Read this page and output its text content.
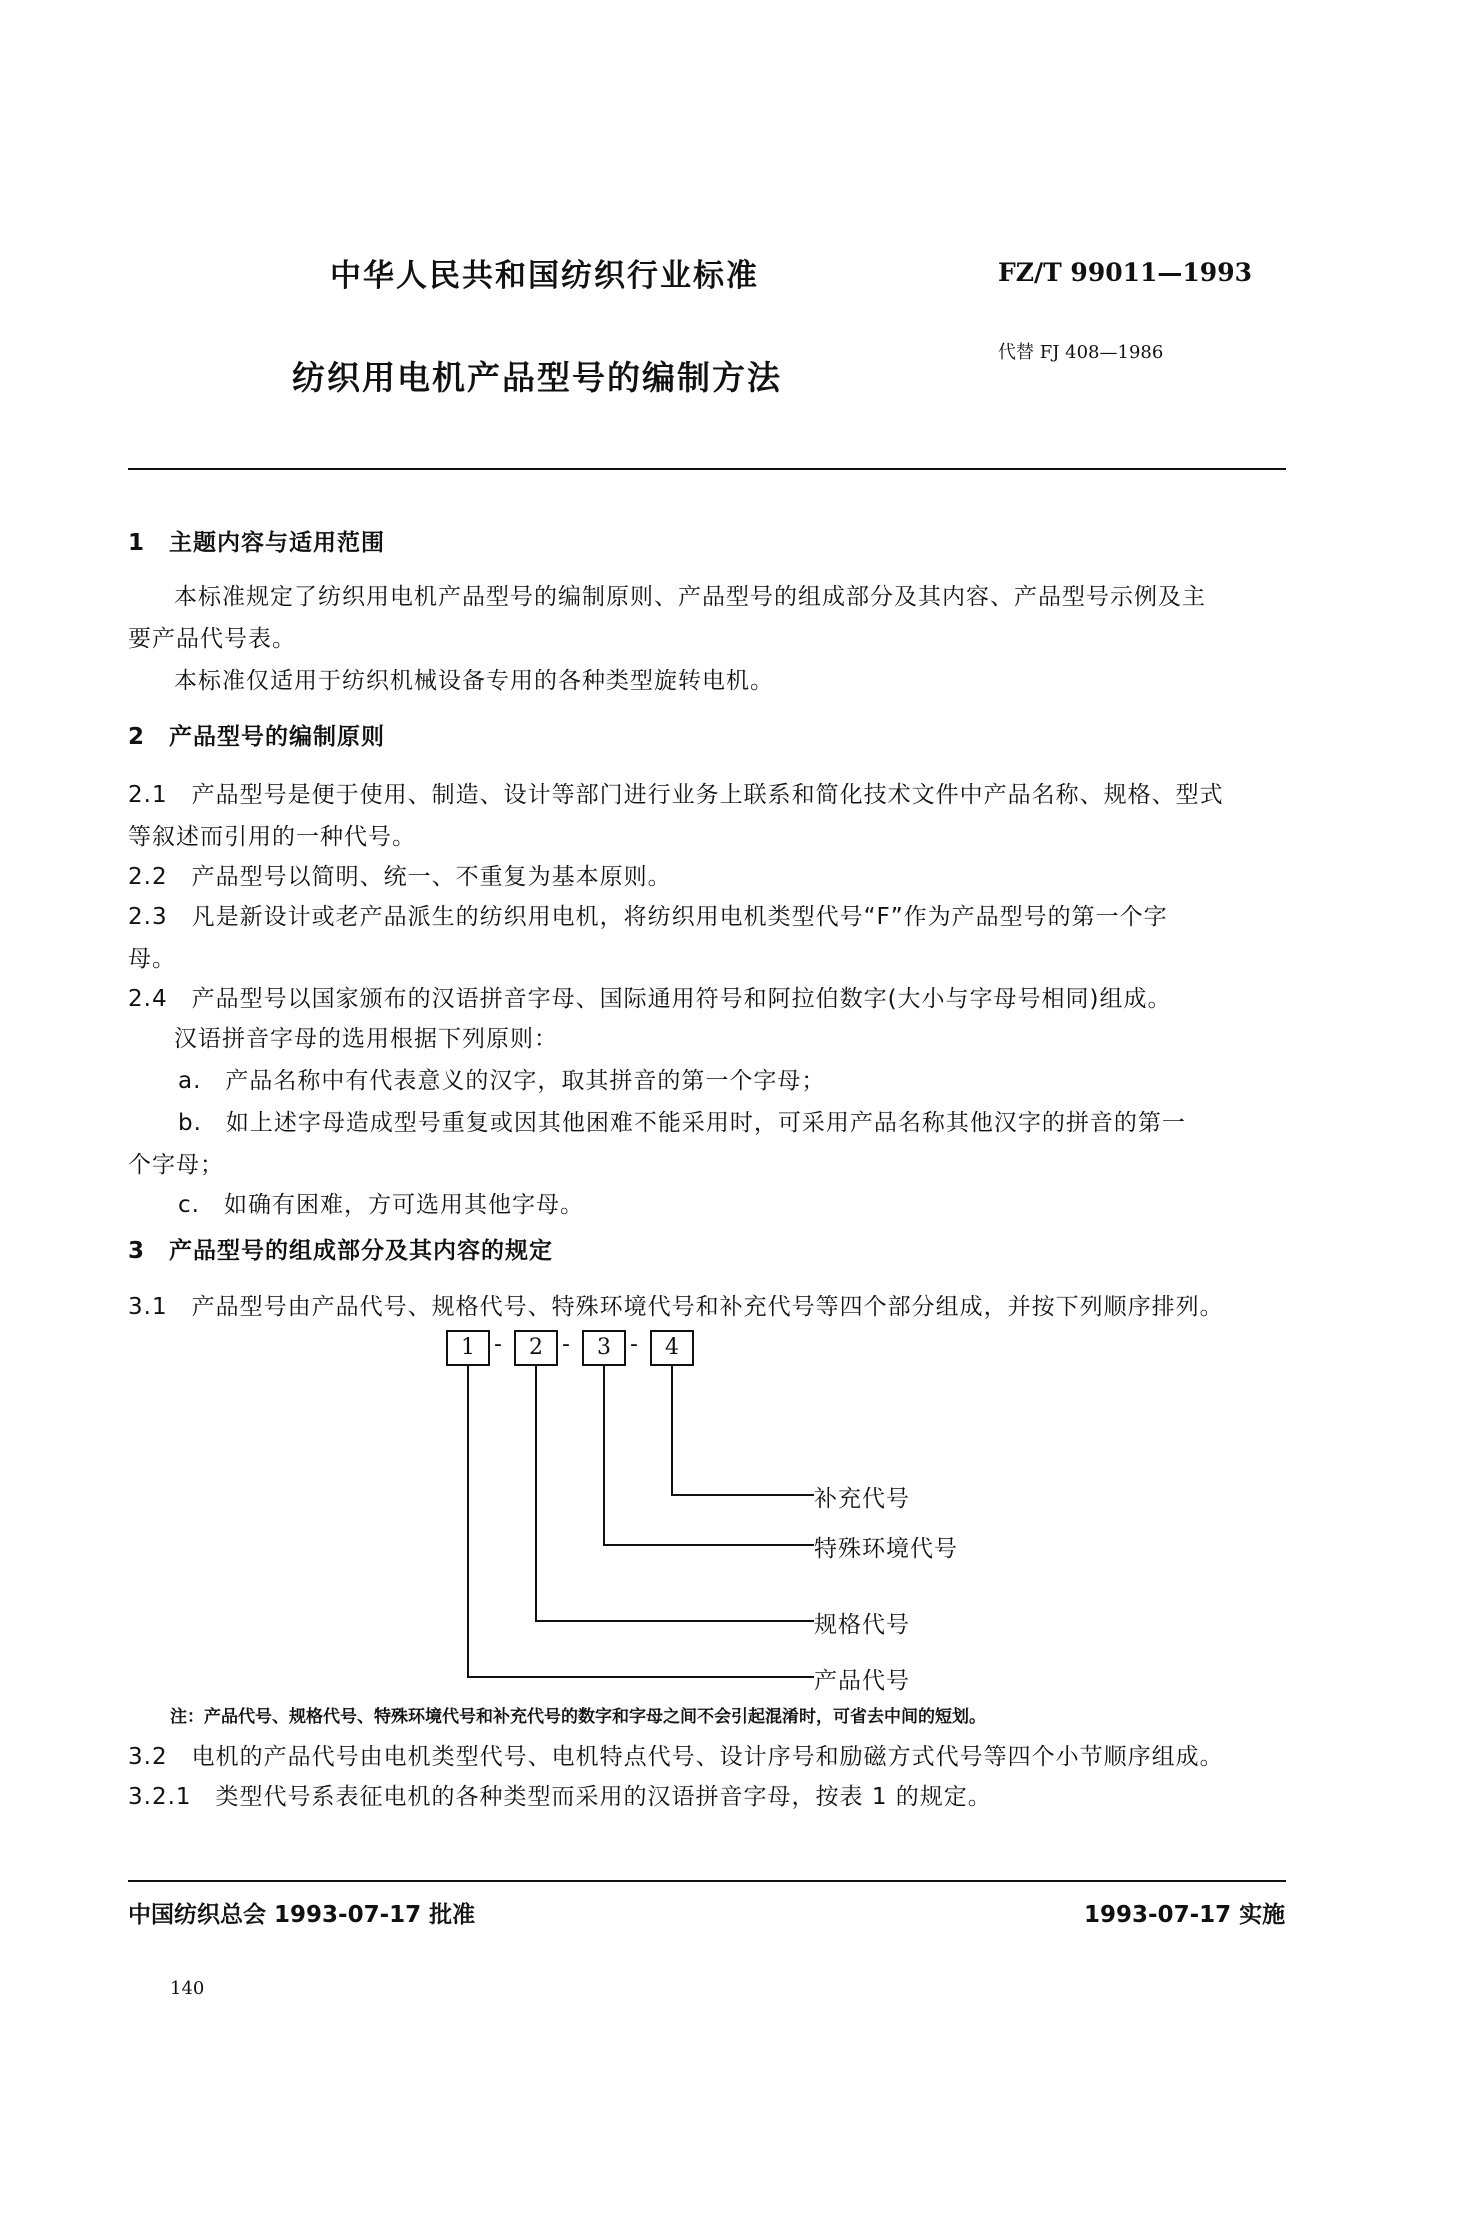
中华人民共和国纺织行业标准	FZ/T 99011—1993
纺织用电机产品型号的编制方法
代替 FJ 408—1986
1　主题内容与适用范围
本标准规定了纺织用电机产品型号的编制原则、产品型号的组成部分及其内容、产品型号示例及主
要产品代号表。
本标准仅适用于纺织机械设备专用的各种类型旋转电机。
2　产品型号的编制原则
2.1　产品型号是便于使用、制造、设计等部门进行业务上联系和简化技术文件中产品名称、规格、型式
等叙述而引用的一种代号。
2.2　产品型号以简明、统一、不重复为基本原则。
2.3　凡是新设计或老产品派生的纺织用电机，将纺织用电机类型代号“F”作为产品型号的第一个字
母。
2.4　产品型号以国家颁布的汉语拼音字母、国际通用符号和阿拉伯数字(大小与字母号相同)组成。
汉语拼音字母的选用根据下列原则：
a.　产品名称中有代表意义的汉字，取其拼音的第一个字母；
b.　如上述字母造成型号重复或因其他困难不能采用时，可采用产品名称其他汉字的拼音的第一
个字母；
c.　如确有困难，方可选用其他字母。
3　产品型号的组成部分及其内容的规定
3.1　产品型号由产品代号、规格代号、特殊环境代号和补充代号等四个部分组成，并按下列顺序排列。
1 -	2 -	3 -	4
补充代号
特殊环境代号
规格代号
产品代号
注：产品代号、规格代号、特殊环境代号和补充代号的数字和字母之间不会引起混淆时，可省去中间的短划。
3.2　电机的产品代号由电机类型代号、电机特点代号、设计序号和励磁方式代号等四个小节顺序组成。
3.2.1　类型代号系表征电机的各种类型而采用的汉语拼音字母，按表 1 的规定。
中国纺织总会 1993-07-17 批准	1993-07-17 实施
140
